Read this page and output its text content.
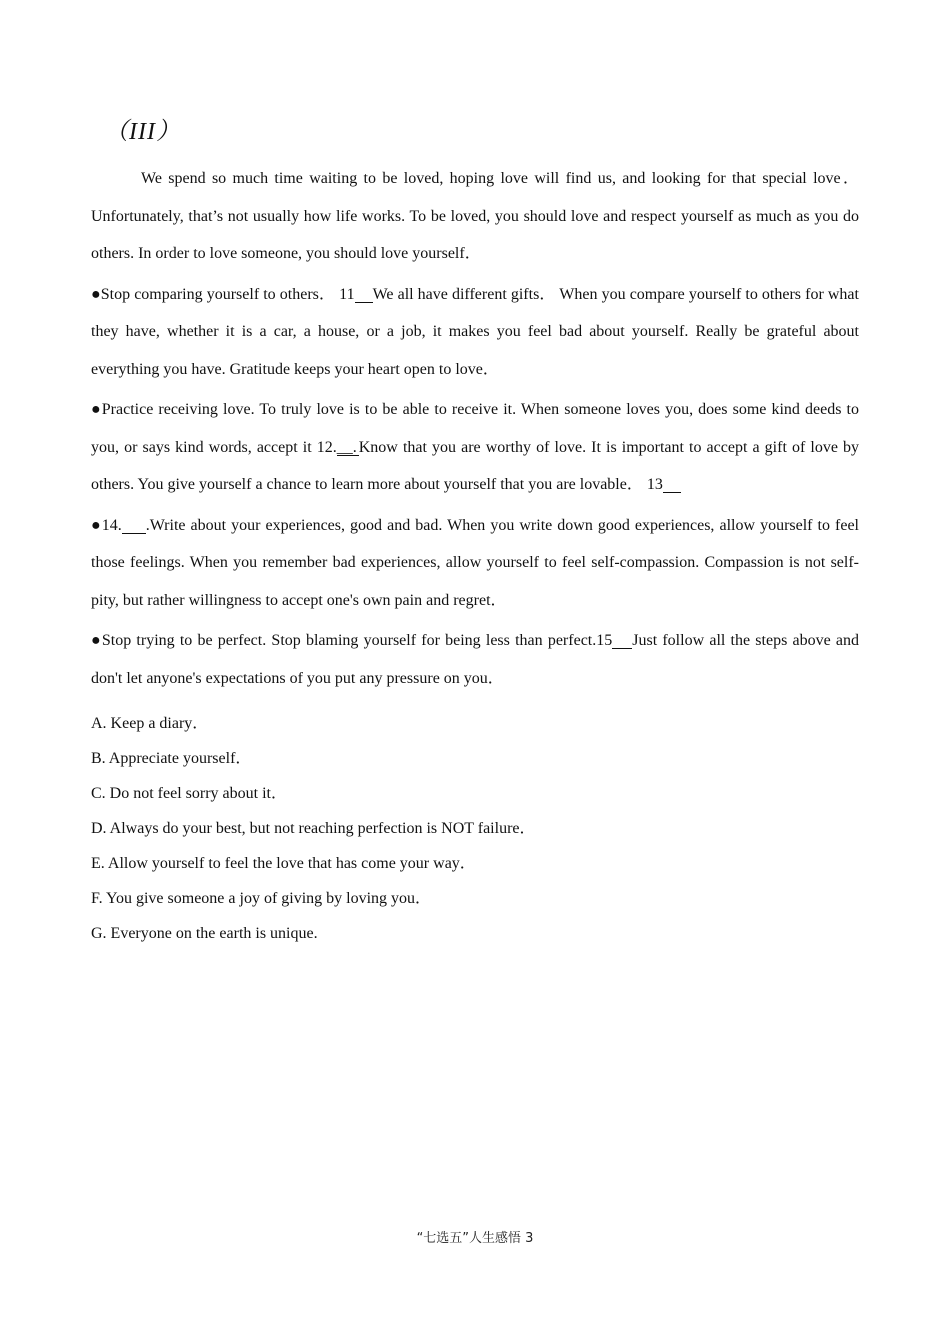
（III）

We spend so much time waiting to be loved, hoping love will find us, and looking for that special love．Unfortunately, that’s not usually how life works. To be loved, you should love and respect yourself as much as you do others. In order to love someone, you should love yourself．

●Stop comparing yourself to others． 11 We all have different gifts． When you compare yourself to others for what they have, whether it is a car, a house, or a job, it makes you feel bad about yourself. Really be grateful about everything you have. Gratitude keeps your heart open to love．

●Practice receiving love. To truly love is to be able to receive it. When someone loves you, does some kind deeds to you, or says kind words, accept it 12.__. Know that you are worthy of love. It is important to accept a gift of love by others. You give yourself a chance to learn more about yourself that you are lovable． 13

●14. .Write about your experiences, good and bad. When you write down good experiences, allow yourself to feel those feelings. When you remember bad experiences, allow yourself to feel self-compassion. Compassion is not self-pity, but rather willingness to accept one's own pain and regret．

●Stop trying to be perfect. Stop blaming yourself for being less than perfect.15 Just follow all the steps above and don't let anyone's expectations of you put any pressure on you．

A. Keep a diary．
B. Appreciate yourself．
C. Do not feel sorry about it．
D. Always do your best, but not reaching perfection is NOT failure．
E. Allow yourself to feel the love that has come your way．
F. You give someone a joy of giving by loving you．
G. Everyone on the earth is unique.
“七选五”人生感悟 3
